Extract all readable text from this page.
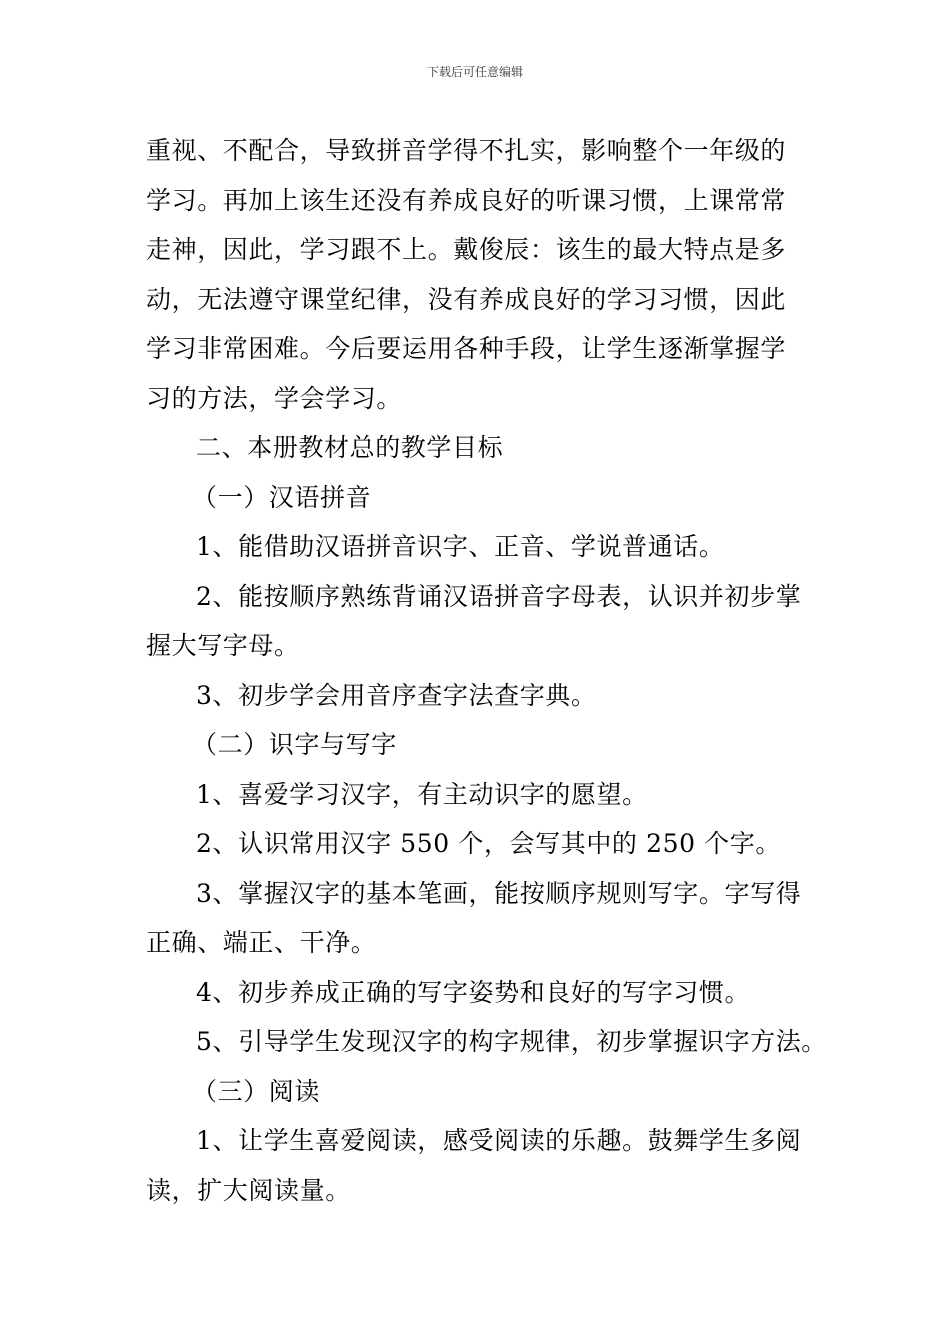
下载后可任意编辑
重视、不配合，导致拼音学得不扎实，影响整个一年级的
学习。再加上该生还没有养成良好的听课习惯，上课常常
走神，因此，学习跟不上。戴俊辰：该生的最大特点是多
动，无法遵守课堂纪律，没有养成良好的学习习惯，因此
学习非常困难。今后要运用各种手段，让学生逐渐掌握学
习的方法，学会学习。
二、本册教材总的教学目标
（一）汉语拼音
1、能借助汉语拼音识字、正音、学说普通话。
2、能按顺序熟练背诵汉语拼音字母表，认识并初步掌
握大写字母。
3、初步学会用音序查字法查字典。
（二）识字与写字
1、喜爱学习汉字，有主动识字的愿望。
2、认识常用汉字 550 个，会写其中的 250 个字。
3、掌握汉字的基本笔画，能按顺序规则写字。字写得
正确、端正、干净。
4、初步养成正确的写字姿势和良好的写字习惯。
5、引导学生发现汉字的构字规律，初步掌握识字方法。
（三）阅读
1、让学生喜爱阅读，感受阅读的乐趣。鼓舞学生多阅
读，扩大阅读量。
